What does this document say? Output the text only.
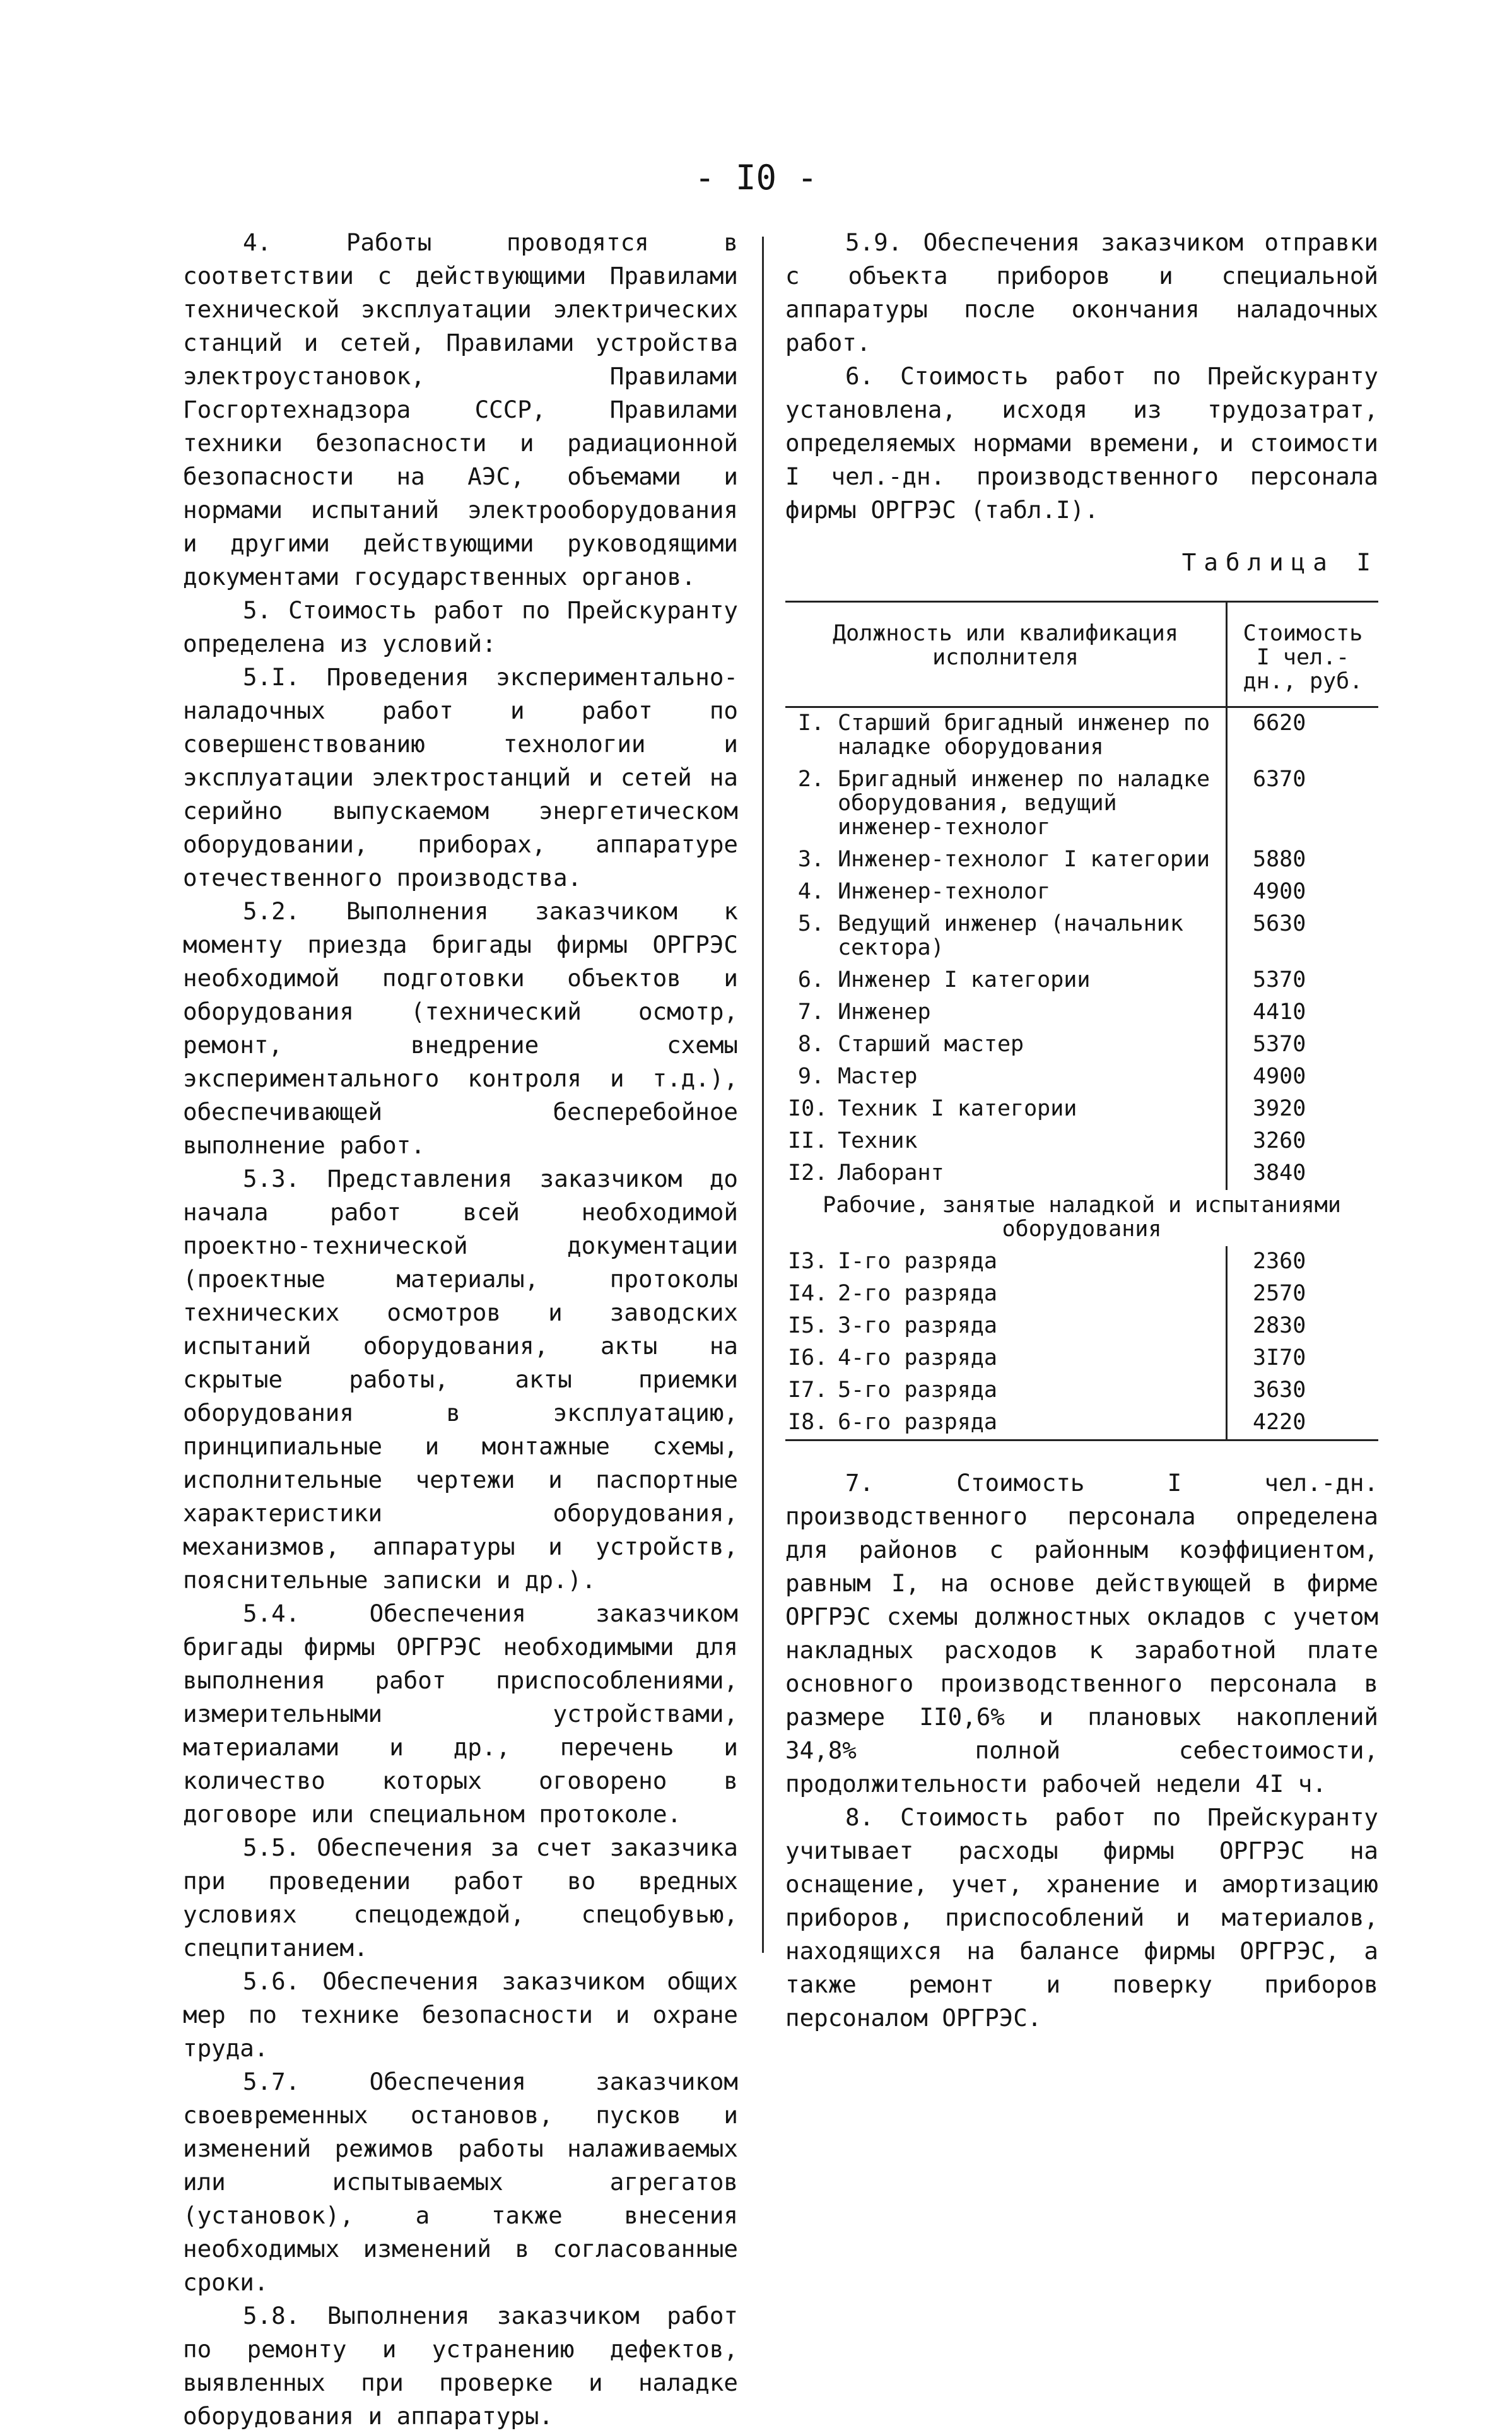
- I0 -

4. Работы проводятся в соответствии с действующими Правилами технической эксплуатации электрических станций и сетей, Правилами устройства электроустановок, Правилами Госгортехнадзора СССР, Правилами техники безопасности и радиационной безопасности на АЭС, объемами и нормами испытаний электрооборудования и другими действующими руководящими документами государственных органов.

5. Стоимость работ по Прейскуранту определена из условий:

5.I. Проведения экспериментально-наладочных работ и работ по совершенствованию технологии и эксплуатации электростанций и сетей на серийно выпускаемом энергетическом оборудовании, приборах, аппаратуре отечественного производства.

5.2. Выполнения заказчиком к моменту приезда бригады фирмы ОРГРЭС необходимой подготовки объектов и оборудования (технический осмотр, ремонт, внедрение схемы экспериментального контроля и т.д.), обеспечивающей бесперебойное выполнение работ.

5.3. Представления заказчиком до начала работ всей необходимой проектно-технической документации (проектные материалы, протоколы технических осмотров и заводских испытаний оборудования, акты на скрытые работы, акты приемки оборудования в эксплуатацию, принципиальные и монтажные схемы, исполнительные чертежи и паспортные характеристики оборудования, механизмов, аппаратуры и устройств, пояснительные записки и др.).

5.4. Обеспечения заказчиком бригады фирмы ОРГРЭС необходимыми для выполнения работ приспособлениями, измерительными устройствами, материалами и др., перечень и количество которых оговорено в договоре или специальном протоколе.

5.5. Обеспечения за счет заказчика при проведении работ во вредных условиях спецодеждой, спецобувью, спецпитанием.

5.6. Обеспечения заказчиком общих мер по технике безопасности и охране труда.

5.7. Обеспечения заказчиком своевременных остановов, пусков и изменений режимов работы налаживаемых или испытываемых агрегатов (установок), а также внесения необходимых изменений в согласованные сроки.

5.8. Выполнения заказчиком работ по ремонту и устранению дефектов, выявленных при проверке и наладке оборудования и аппаратуры.

5.9. Обеспечения заказчиком отправки с объекта приборов и специальной аппаратуры после окончания наладочных работ.

6. Стоимость работ по Прейскуранту установлена, исходя из трудозатрат, определяемых нормами времени, и стоимости I чел.-дн. производственного персонала фирмы ОРГРЭС (табл.I).

Таблица I
Должность или квалификация исполнителя	Стоимость I чел.-дн., руб.
I. Старший бригадный инженер по наладке оборудования	6620
2. Бригадный инженер по наладке оборудования, ведущий инженер-технолог	6370
3. Инженер-технолог I категории	5880
4. Инженер-технолог	4900
5. Ведущий инженер (начальник сектора)	5630
6. Инженер I категории	5370
7. Инженер	4410
8. Старший мастер	5370
9. Мастер	4900
I0. Техник I категории	3920
II. Техник	3260
I2. Лаборант	3840
Рабочие, занятые наладкой и испытаниями оборудования	
I3. I-го разряда	2360
I4. 2-го разряда	2570
I5. 3-го разряда	2830
I6. 4-го разряда	3I70
I7. 5-го разряда	3630
I8. 6-го разряда	4220

7. Стоимость I чел.-дн. производственного персонала определена для районов с районным коэффициентом, равным I, на основе действующей в фирме ОРГРЭС схемы должностных окладов с учетом накладных расходов к заработной плате основного производственного персонала в размере II0,6% и плановых накоплений 34,8% полной себестоимости, продолжительности рабочей недели 4I ч.

8. Стоимость работ по Прейскуранту учитывает расходы фирмы ОРГРЭС на оснащение, учет, хранение и амортизацию приборов, приспособлений и материалов, находящихся на балансе фирмы ОРГРЭС, а также ремонт и поверку приборов персоналом ОРГРЭС.
